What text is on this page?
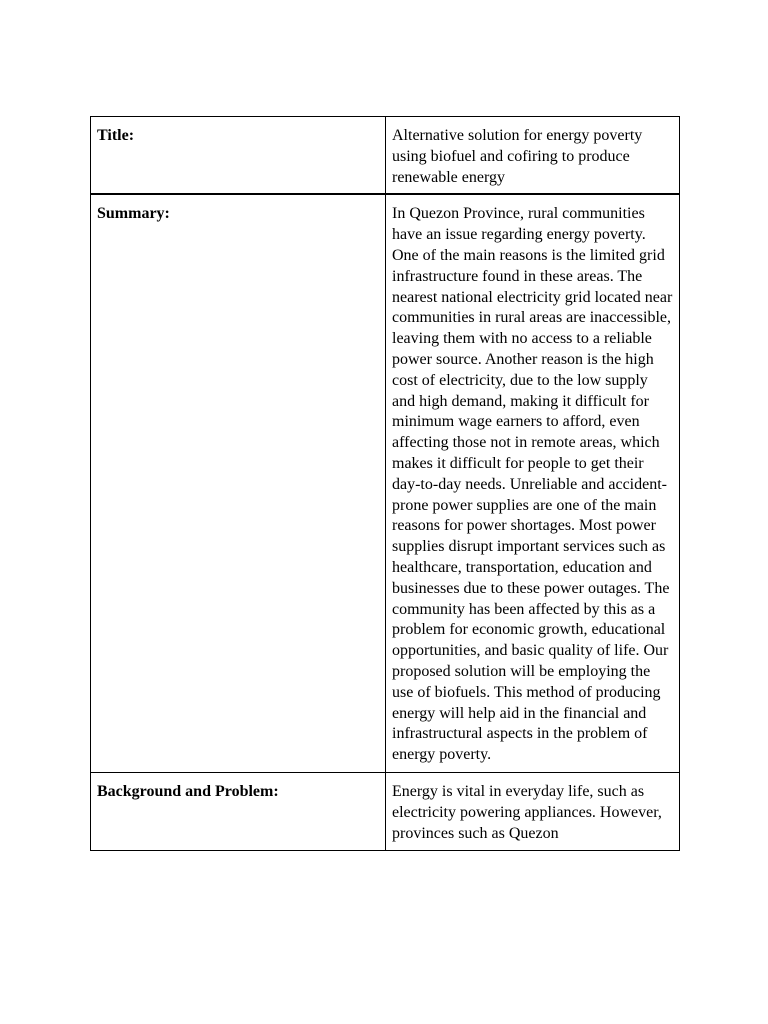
Title:	Alternative solution for energy poverty using biofuel and cofiring to produce renewable energy
Summary:	In Quezon Province, rural communities have an issue regarding energy poverty. One of the main reasons is the limited grid infrastructure found in these areas. The nearest national electricity grid located near communities in rural areas are inaccessible, leaving them with no access to a reliable power source. Another reason is the high cost of electricity, due to the low supply and high demand, making it difficult for minimum wage earners to afford, even affecting those not in remote areas, which makes it difficult for people to get their day-to-day needs. Unreliable and accident-prone power supplies are one of the main reasons for power shortages. Most power supplies disrupt important services such as healthcare, transportation, education and businesses due to these power outages. The community has been affected by this as a problem for economic growth, educational opportunities, and basic quality of life. Our proposed solution will be employing the use of biofuels. This method of producing energy will help aid in the financial and infrastructural aspects in the problem of energy poverty.
Background and Problem:	Energy is vital in everyday life, such as electricity powering appliances. However, provinces such as Quezon
